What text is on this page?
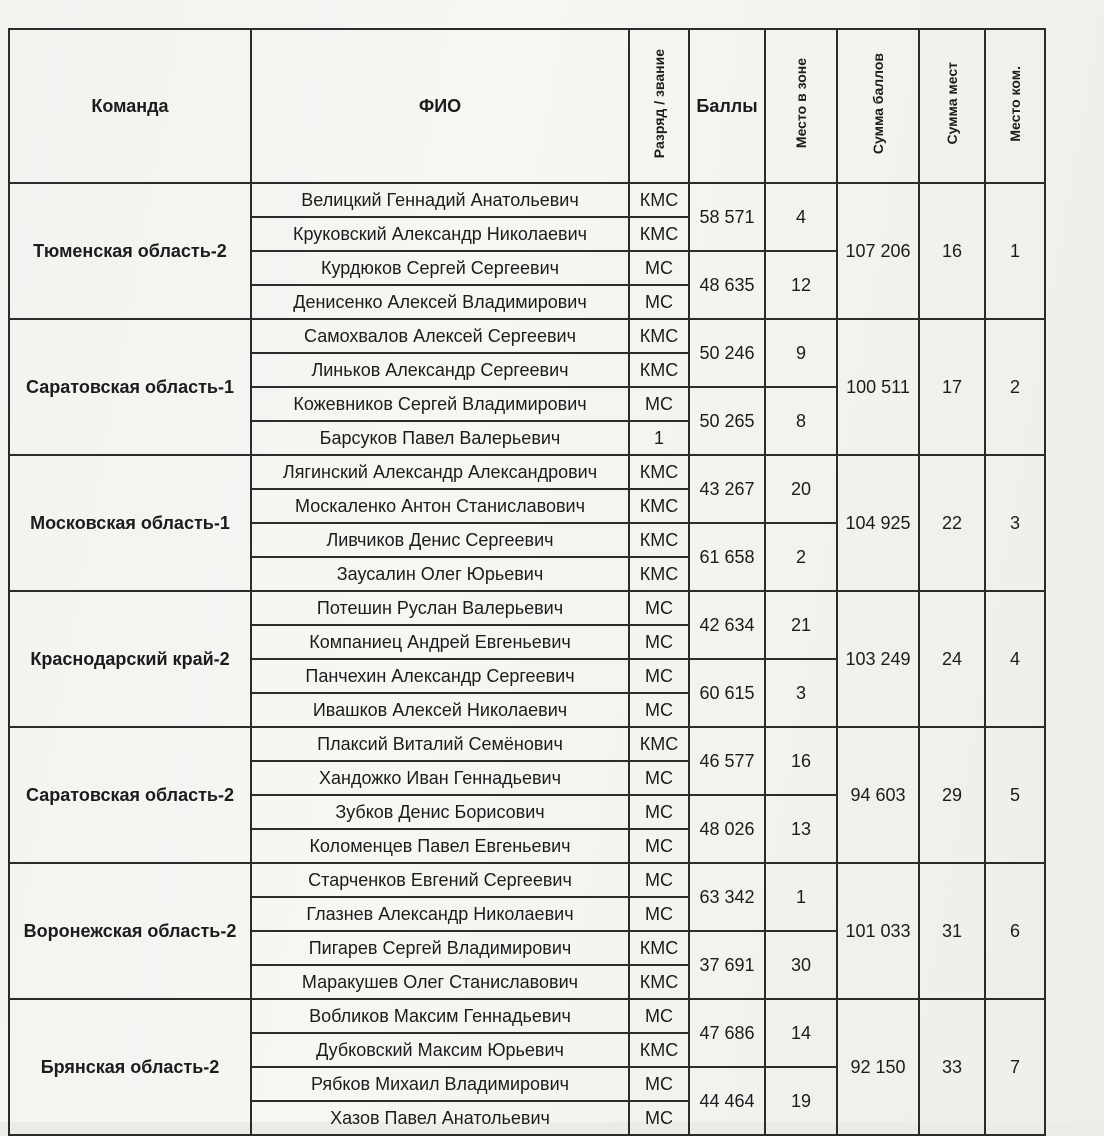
Команда	ФИО	Разряд / звание	Баллы	Место в зоне	Сумма баллов	Сумма мест	Место ком.
Тюменская область-2	Велицкий Геннадий Анатольевич	КМС	58 571	4	107 206	16	1
	Круковский Александр Николаевич	КМС					
	Курдюков Сергей Сергеевич	МС	48 635	12			
	Денисенко Алексей Владимирович	МС					
Саратовская область-1	Самохвалов Алексей Сергеевич	КМС	50 246	9	100 511	17	2
	Линьков Александр Сергеевич	КМС					
	Кожевников Сергей Владимирович	МС	50 265	8			
	Барсуков Павел Валерьевич	1					
Московская область-1	Лягинский Александр Александрович	КМС	43 267	20	104 925	22	3
	Москаленко Антон Станиславович	КМС					
	Ливчиков Денис Сергеевич	КМС	61 658	2			
	Заусалин Олег Юрьевич	КМС					
Краснодарский край-2	Потешин Руслан Валерьевич	МС	42 634	21	103 249	24	4
	Компаниец Андрей Евгеньевич	МС					
	Панчехин Александр Сергеевич	МС	60 615	3			
	Ивашков Алексей Николаевич	МС					
Саратовская область-2	Плаксий Виталий Семёнович	КМС	46 577	16	94 603	29	5
	Хандожко Иван Геннадьевич	МС					
	Зубков Денис Борисович	МС	48 026	13			
	Коломенцев Павел Евгеньевич	МС					
Воронежская область-2	Старченков Евгений Сергеевич	МС	63 342	1	101 033	31	6
	Глазнев Александр Николаевич	МС					
	Пигарев Сергей Владимирович	КМС	37 691	30			
	Маракушев Олег Станиславович	КМС					
Брянская область-2	Вобликов Максим Геннадьевич	МС	47 686	14	92 150	33	7
	Дубковский Максим Юрьевич	КМС					
	Рябков Михаил Владимирович	МС	44 464	19			
	Хазов Павел Анатольевич	МС					
